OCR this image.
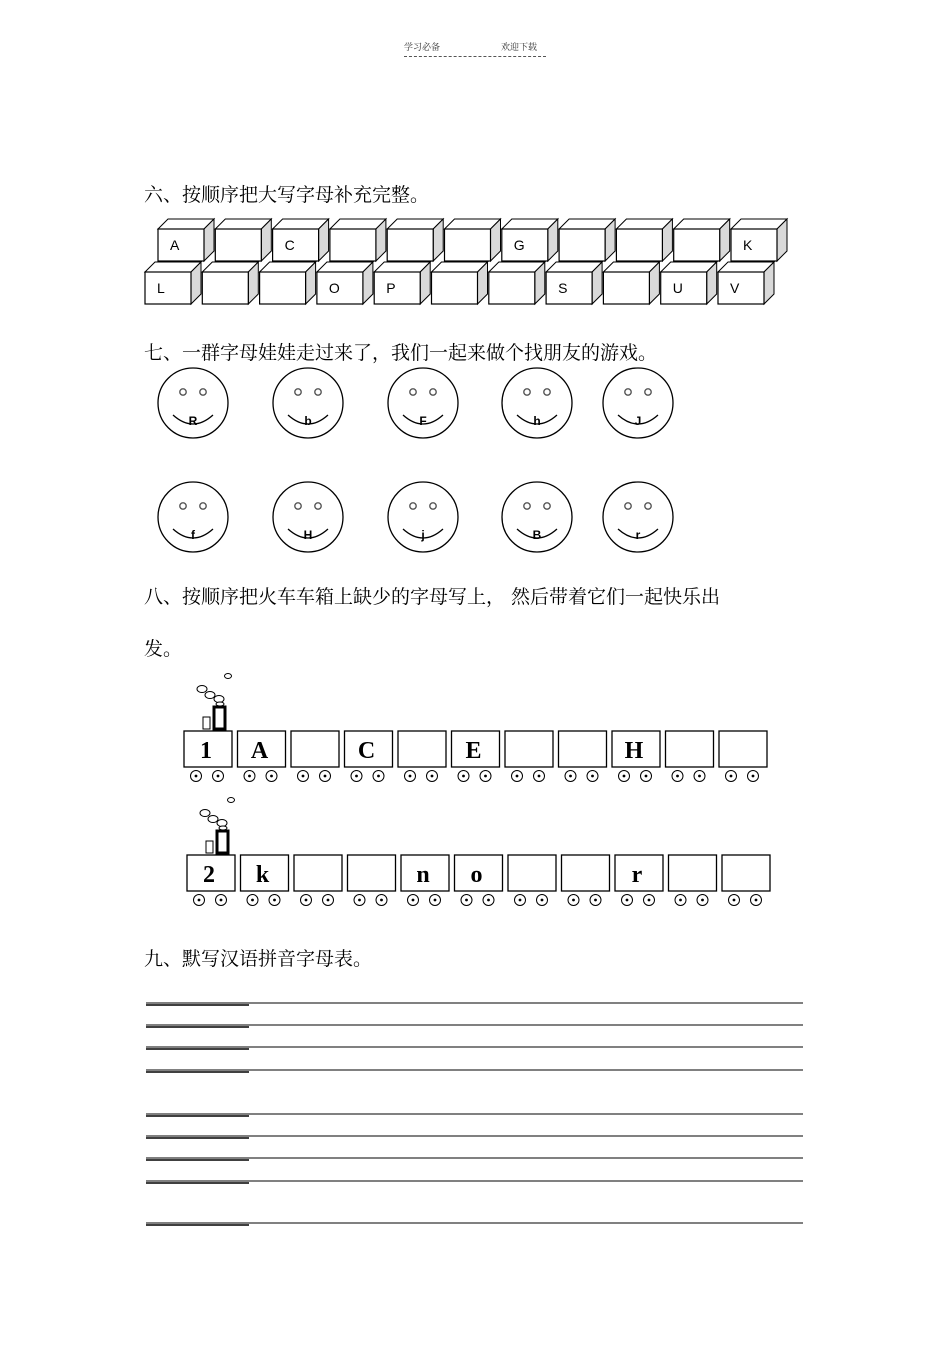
学习必备	欢迎下载
六、按顺序把大写字母补充完整。
A	C	G	K
L	O	P	S	U	V
七、一群字母娃娃走过来了，我们一起来做个找朋友的游戏。
R	b	F	h	J
f	H	j	B	r
八、按顺序把火车车箱上缺少的字母写上， 然后带着它们一起快乐出
发。
1 A	C	E	H
2 k	n o	r
九、默写汉语拼音字母表。
